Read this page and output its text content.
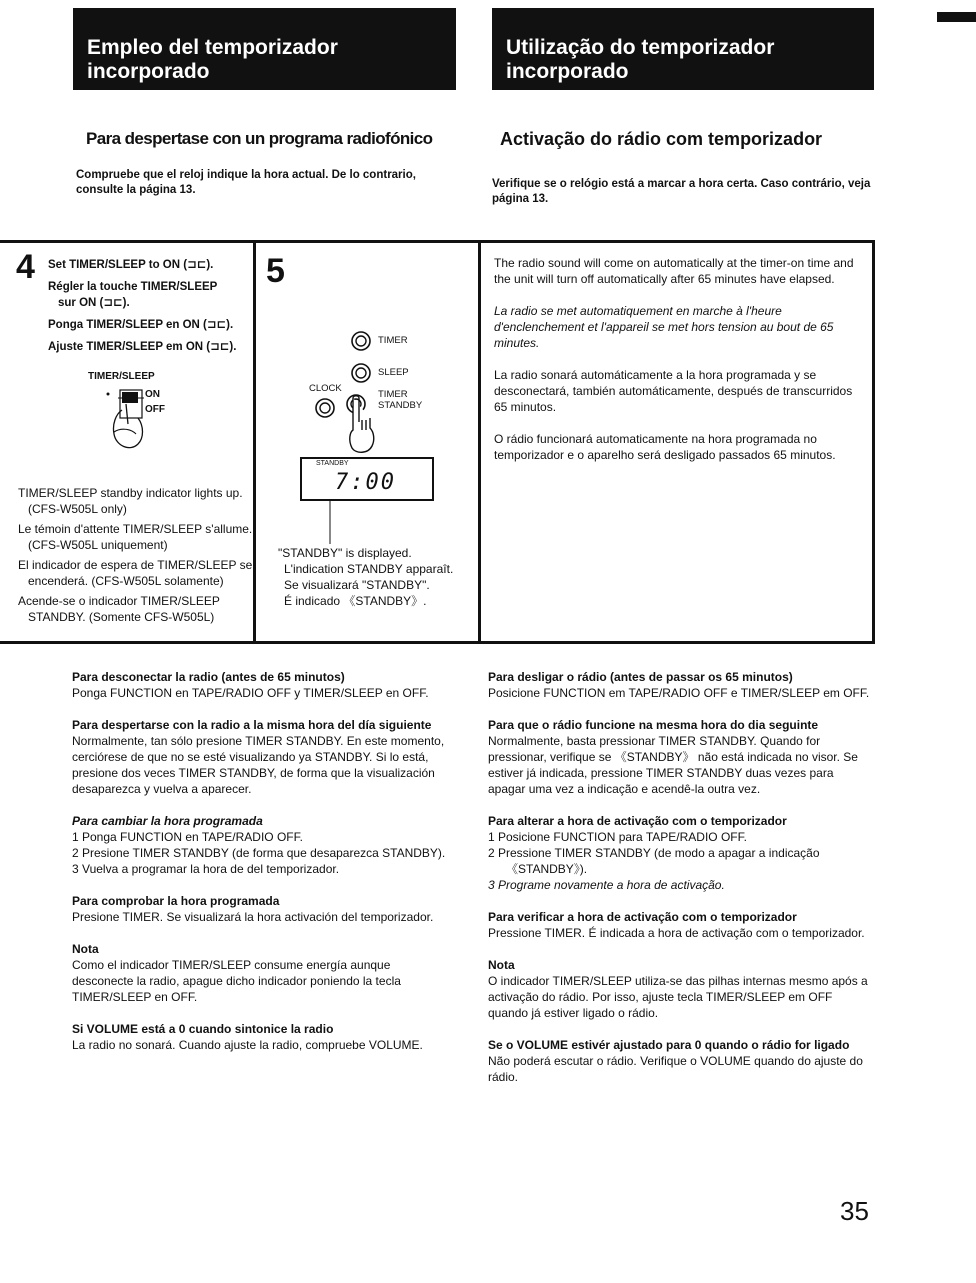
Empleo del temporizador incorporado
Utilização do temporizador incorporado
Para despertase con un programa radiofónico	Activação do rádio com temporizador
Compruebe que el reloj indique la hora actual. De lo contrario, consulte la página 13.	Verifique se o relógio está a marcar a hora certa. Caso contrário, veja página 13.
4 Set TIMER/SLEEP to ON (⊐⊏).
Régler la touche TIMER/SLEEP
sur ON (⊐⊏).
Ponga TIMER/SLEEP en ON (⊐⊏).
Ajuste TIMER/SLEEP em ON (⊐⊏).
TIMER/SLEEP
ON
OFF

TIMER/SLEEP standby indicator lights up. (CFS-W505L only)

Le témoin d'attente TIMER/SLEEP s'allume. (CFS-W505L uniquement)

El indicador de espera de TIMER/SLEEP se encenderá. (CFS-W505L solamente)

Acende-se o indicador TIMER/SLEEP STANDBY. (Somente CFS-W505L)

5
TIMER
SLEEP
CLOCK
TIMER
STANDBY
STANDBY
7:00

"STANDBY" is displayed.

L'indication STANDBY apparaît.

Se visualizará "STANDBY".

É indicado 《STANDBY》.

The radio sound will come on automatically at the timer-on time and the unit will turn off automatically after 65 minutes have elapsed.

La radio se met automatiquement en marche à l'heure d'enclenchement et l'appareil se met hors tension au bout de 65 minutes.

La radio sonará automáticamente a la hora programada y se desconectará, también automáticamente, después de transcurridos 65 minutos.

O rádio funcionará automaticamente na hora programada no temporizador e o aparelho será desligado passados 65 minutos.

Para desconectar la radio (antes de 65 minutos)
Ponga FUNCTION en TAPE/RADIO OFF y TIMER/SLEEP en OFF.
Para despertarse con la radio a la misma hora del día siguiente
Normalmente, tan sólo presione TIMER STANDBY. En este momento, cerciórese de que no se esté visualizando ya STANDBY. Si lo está, presione dos veces TIMER STANDBY, de forma que la visualización desaparezca y vuelva a aparecer.
Para cambiar la hora programada
1 Ponga FUNCTION en TAPE/RADIO OFF.
2 Presione TIMER STANDBY (de forma que desaparezca STANDBY).
3 Vuelva a programar la hora de del temporizador.
Para comprobar la hora programada
Presione TIMER. Se visualizará la hora activación del temporizador.
Nota
Como el indicador TIMER/SLEEP consume energía aunque desconecte la radio, apague dicho indicador poniendo la tecla TIMER/SLEEP en OFF.
Si VOLUME está a 0 cuando sintonice la radio
La radio no sonará. Cuando ajuste la radio, compruebe VOLUME.
Para desligar o rádio (antes de passar os 65 minutos)
Posicione FUNCTION em TAPE/RADIO OFF e TIMER/SLEEP em OFF.
Para que o rádio funcione na mesma hora do dia seguinte
Normalmente, basta pressionar TIMER STANDBY. Quando for pressionar, verifique se 《STANDBY》 não está indicada no visor. Se estiver já indicada, pressione TIMER STANDBY duas vezes para apagar uma vez a indicação e acendê-la outra vez.
Para alterar a hora de activação com o temporizador
1 Posicione FUNCTION para TAPE/RADIO OFF.
2 Pressione TIMER STANDBY (de modo a apagar a indicação 《STANDBY》).
3 Programe novamente a hora de activação.
Para verificar a hora de activação com o temporizador
Pressione TIMER. É indicada a hora de activação com o temporizador.
Nota
O indicador TIMER/SLEEP utiliza-se das pilhas internas mesmo após a activação do rádio. Por isso, ajuste tecla TIMER/SLEEP em OFF quando já estiver ligado o rádio.
Se o VOLUME estivér ajustado para 0 quando o rádio for ligado
Não poderá escutar o rádio. Verifique o VOLUME quando do ajuste do rádio.
35
